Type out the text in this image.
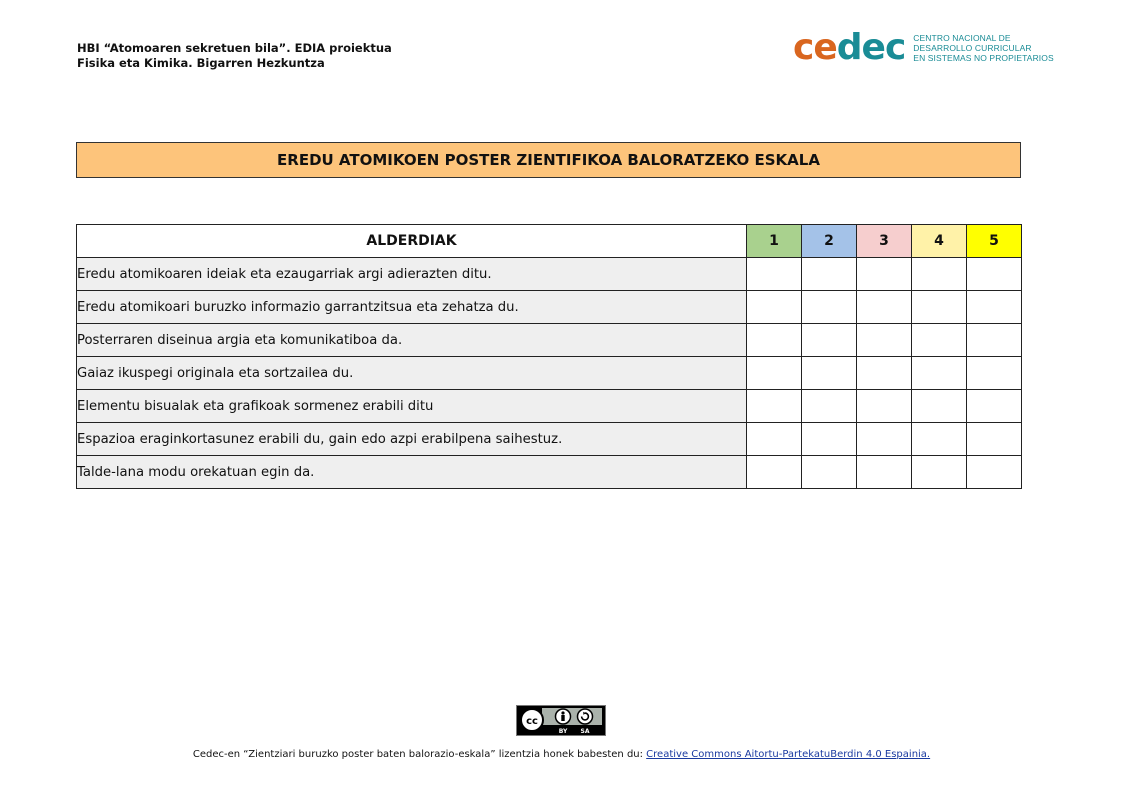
HBI “Atomoaren sekretuen bila”. EDIA proiektua
Fisika eta Kimika. Bigarren Hezkuntza	cedec CENTRO NACIONAL DE
DESARROLLO CURRICULAR
EN SISTEMAS NO PROPIETARIOS
EREDU ATOMIKOEN POSTER ZIENTIFIKOA BALORATZEKO ESKALA
ALDERDIAK	1	2	3	4	5
Eredu atomikoaren ideiak eta ezaugarriak argi adierazten ditu.					
Eredu atomikoari buruzko informazio garrantzitsua eta zehatza du.					
Posterraren diseinua argia eta komunikatiboa da.					
Gaiaz ikuspegi originala eta sortzailea du.					
Elementu bisualak eta grafikoak sormenez erabili ditu					
Espazioa eraginkortasunez erabili du, gain edo azpi erabilpena saihestuz.					
Talde-lana modu orekatuan egin da.					
cc
BY SA
Cedec-en “Zientziari buruzko poster baten balorazio-eskala” lizentzia honek babesten du: Creative Commons Aitortu-PartekatuBerdin 4.0 Espainia.
